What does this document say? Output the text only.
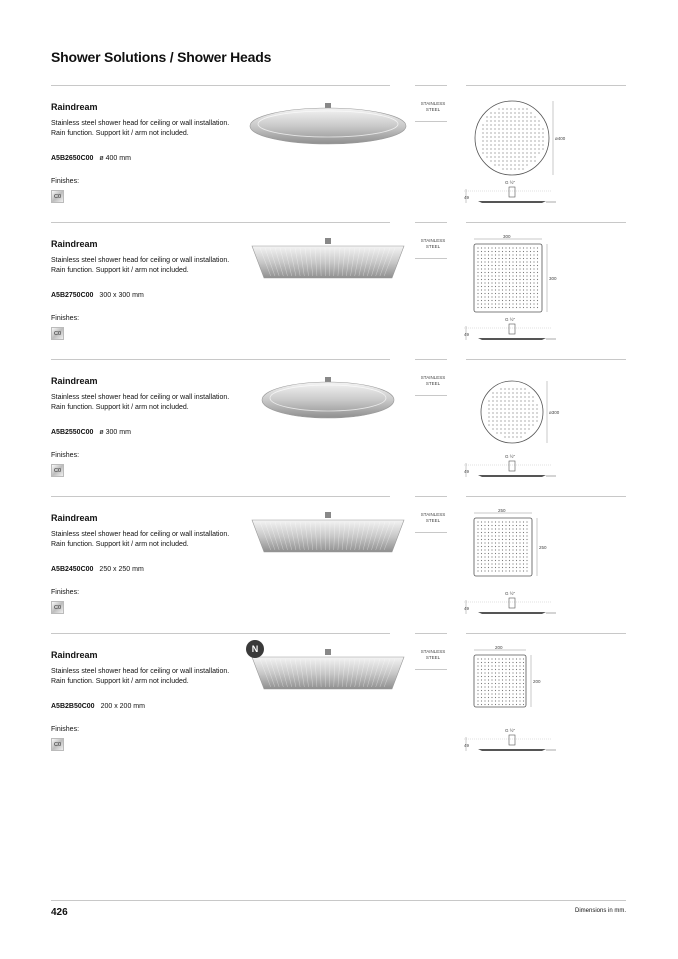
Shower Solutions / Shower Heads
Raindream
Stainless steel shower head for ceiling or wall installation. Rain function. Support kit / arm not included.
A5B2650C00 ø 400 mm
Finishes:
C0
STAINLESS STEEL
ø400
49
G ½"
Raindream
Stainless steel shower head for ceiling or wall installation. Rain function. Support kit / arm not included.
A5B2750C00 300 x 300 mm
Finishes:
C0
STAINLESS STEEL
300
300
49
G ½"
Raindream
Stainless steel shower head for ceiling or wall installation. Rain function. Support kit / arm not included.
A5B2550C00 ø 300 mm
Finishes:
C0
STAINLESS STEEL
ø300
49
G ½"
Raindream
Stainless steel shower head for ceiling or wall installation. Rain function. Support kit / arm not included.
A5B2450C00 250 x 250 mm
Finishes:
C0
STAINLESS STEEL
250
250
49
G ½"
Raindream
Stainless steel shower head for ceiling or wall installation. Rain function. Support kit / arm not included.
A5B2B50C00 200 x 200 mm
Finishes:
C0
N	STAINLESS STEEL
200
200
49
G ½"
426	Dimensions in mm.
